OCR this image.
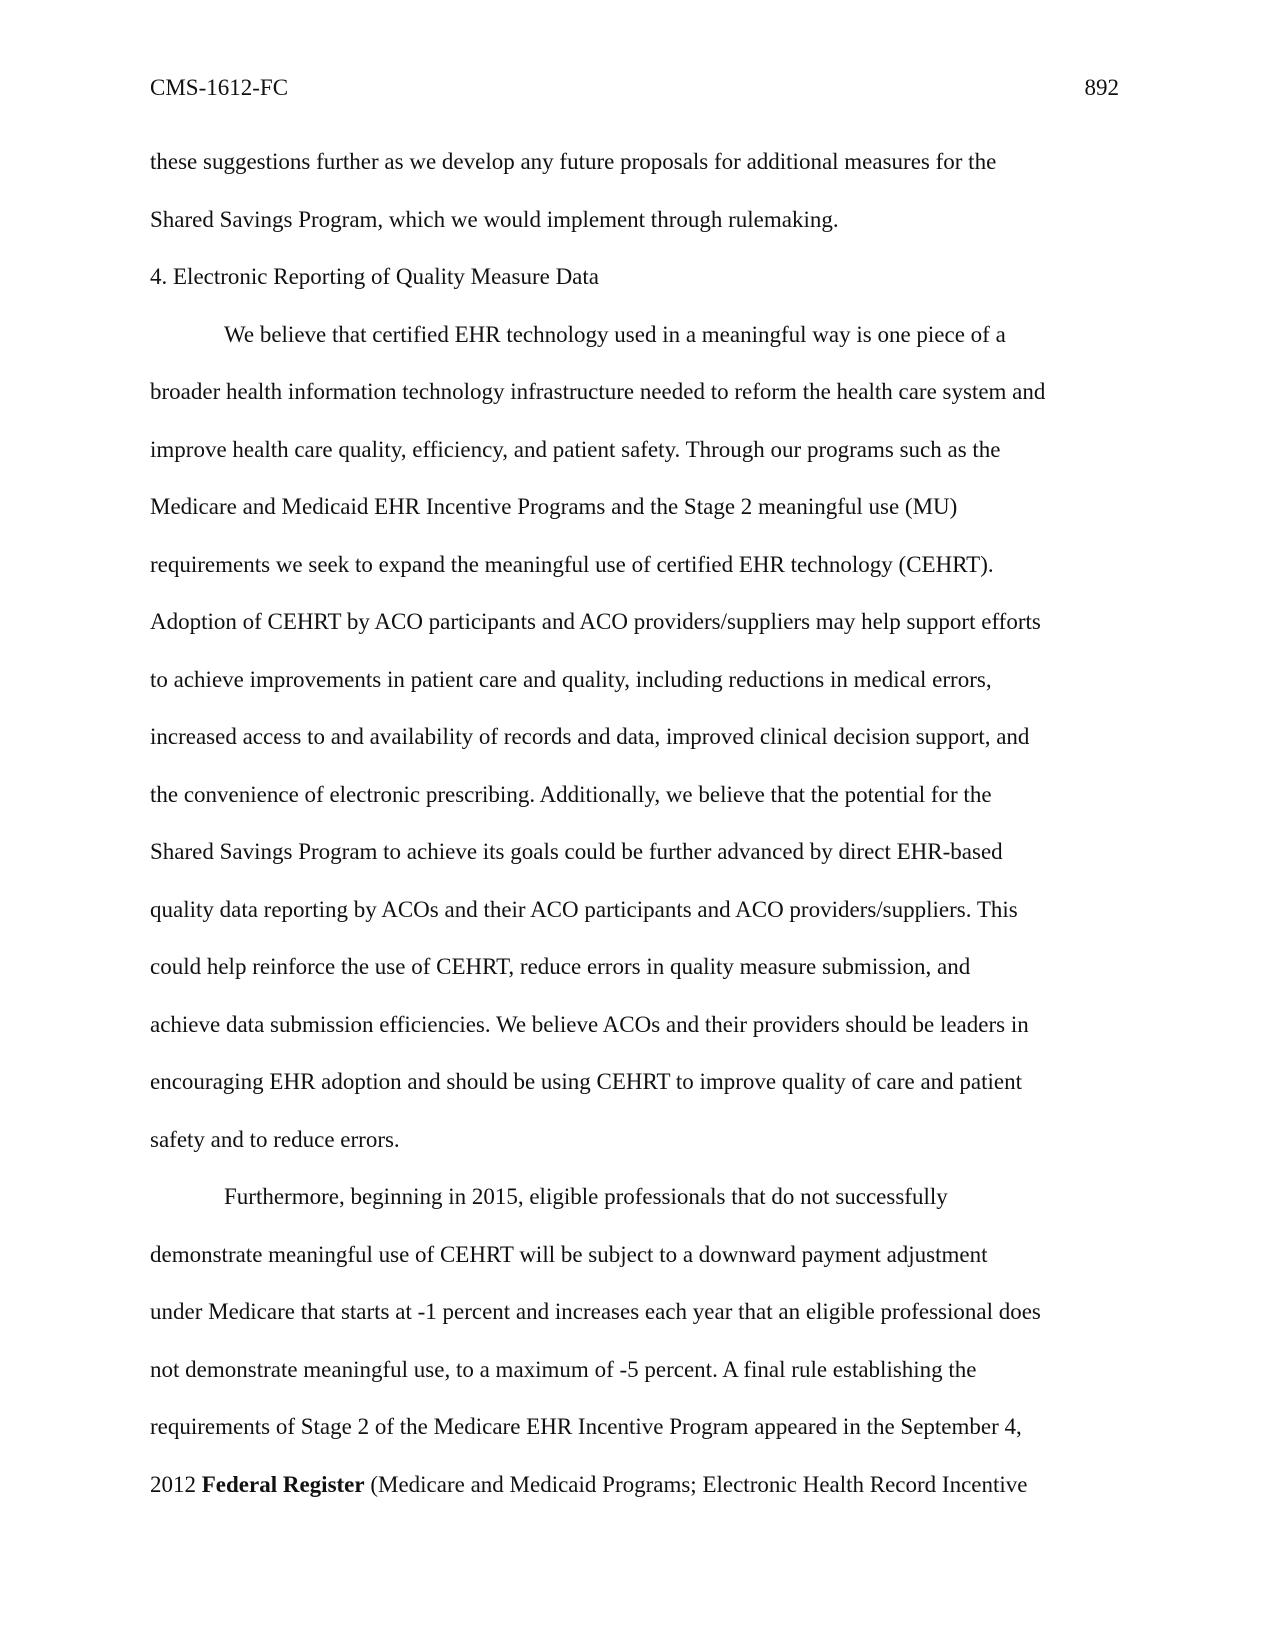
CMS-1612-FC	892
these suggestions further as we develop any future proposals for additional measures for the
Shared Savings Program, which we would implement through rulemaking.
4. Electronic Reporting of Quality Measure Data
We believe that certified EHR technology used in a meaningful way is one piece of a
broader health information technology infrastructure needed to reform the health care system and
improve health care quality, efficiency, and patient safety. Through our programs such as the
Medicare and Medicaid EHR Incentive Programs and the Stage 2 meaningful use (MU)
requirements we seek to expand the meaningful use of certified EHR technology (CEHRT).
Adoption of CEHRT by ACO participants and ACO providers/suppliers may help support efforts
to achieve improvements in patient care and quality, including reductions in medical errors,
increased access to and availability of records and data, improved clinical decision support, and
the convenience of electronic prescribing. Additionally, we believe that the potential for the
Shared Savings Program to achieve its goals could be further advanced by direct EHR-based
quality data reporting by ACOs and their ACO participants and ACO providers/suppliers. This
could help reinforce the use of CEHRT, reduce errors in quality measure submission, and
achieve data submission efficiencies. We believe ACOs and their providers should be leaders in
encouraging EHR adoption and should be using CEHRT to improve quality of care and patient
safety and to reduce errors.
Furthermore, beginning in 2015, eligible professionals that do not successfully
demonstrate meaningful use of CEHRT will be subject to a downward payment adjustment
under Medicare that starts at -1 percent and increases each year that an eligible professional does
not demonstrate meaningful use, to a maximum of -5 percent. A final rule establishing the
requirements of Stage 2 of the Medicare EHR Incentive Program appeared in the September 4,
2012 Federal Register (Medicare and Medicaid Programs; Electronic Health Record Incentive
